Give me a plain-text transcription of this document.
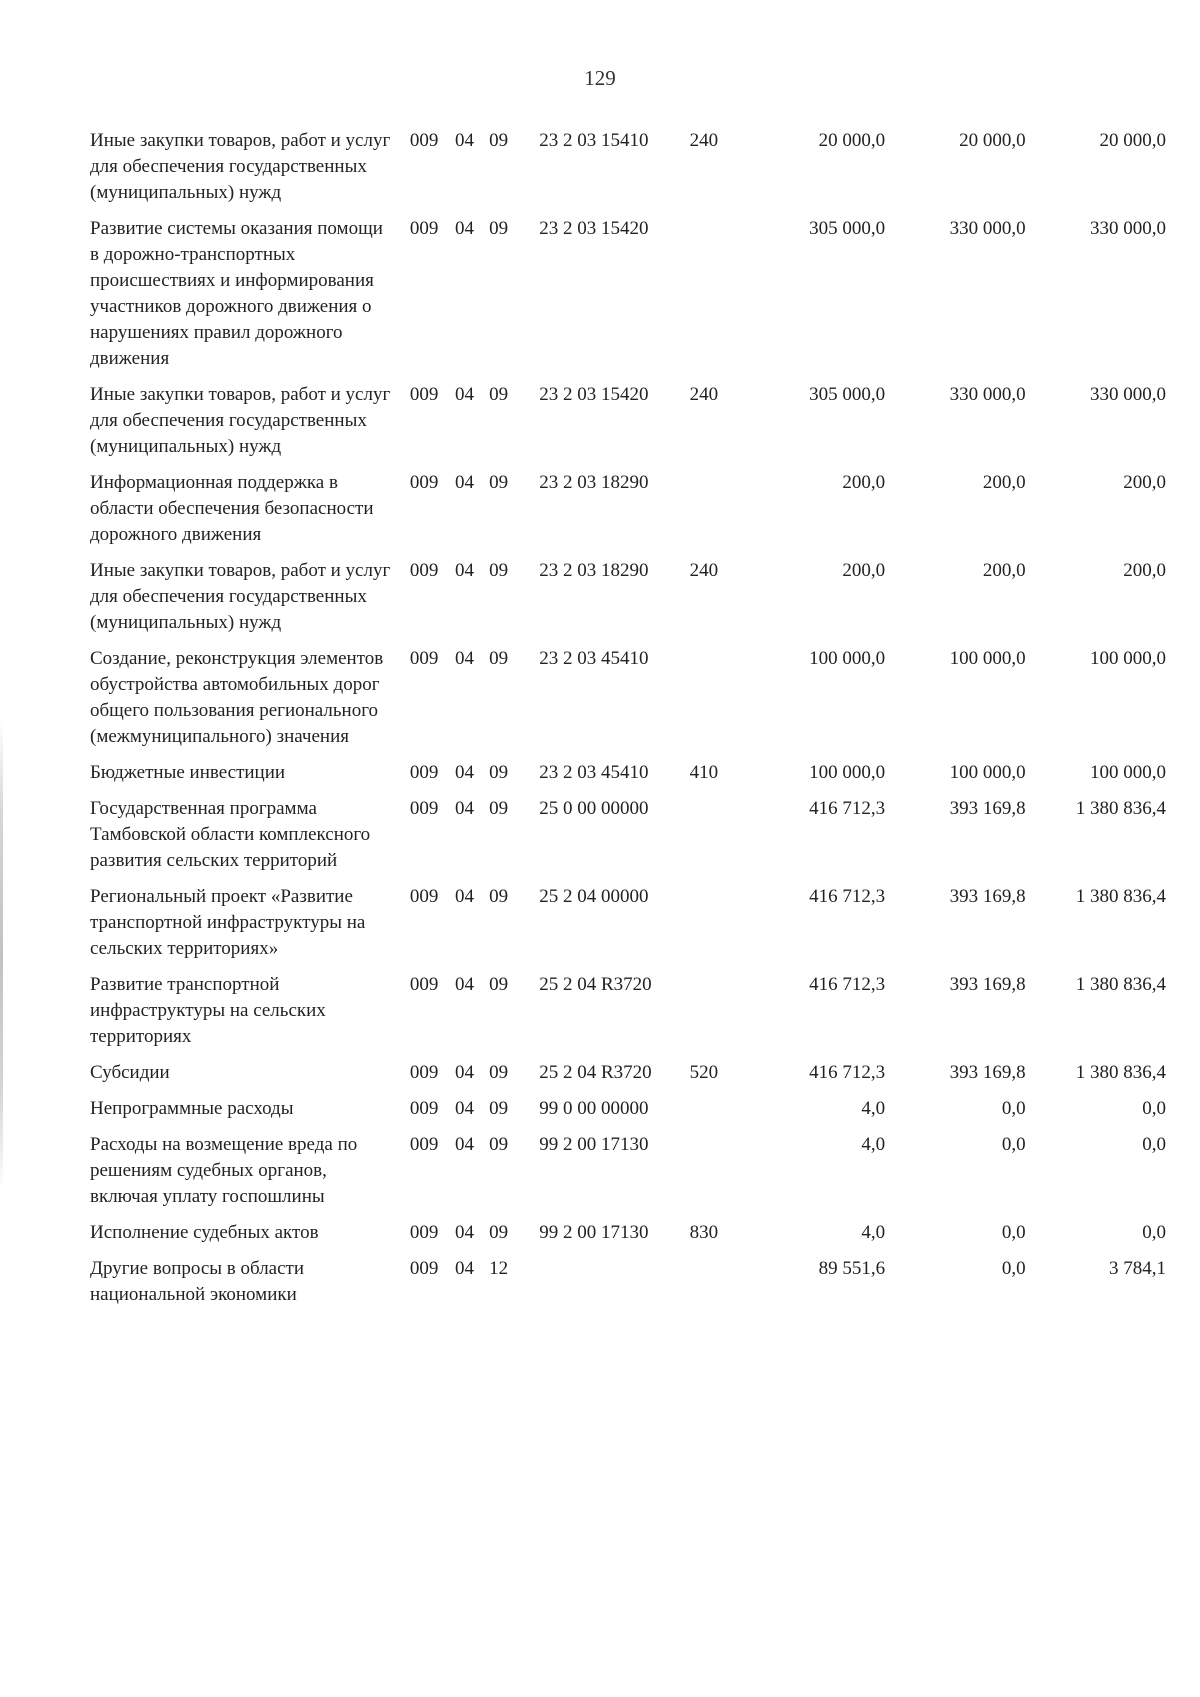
129
Иные закупки товаров, работ и услуг для обеспечения государственных (муниципальных) нужд	009	04	09	23 2 03 15410	240	20 000,0	20 000,0	20 000,0
Развитие системы оказания помощи в дорожно-транспортных происшествиях и информирования участников дорожного движения о нарушениях правил дорожного движения	009	04	09	23 2 03 15420		305 000,0	330 000,0	330 000,0
Иные закупки товаров, работ и услуг для обеспечения государственных (муниципальных) нужд	009	04	09	23 2 03 15420	240	305 000,0	330 000,0	330 000,0
Информационная поддержка в области обеспечения безопасности дорожного движения	009	04	09	23 2 03 18290		200,0	200,0	200,0
Иные закупки товаров, работ и услуг для обеспечения государственных (муниципальных) нужд	009	04	09	23 2 03 18290	240	200,0	200,0	200,0
Создание, реконструкция элементов обустройства автомобильных дорог общего пользования регионального (межмуниципального) значения	009	04	09	23 2 03 45410		100 000,0	100 000,0	100 000,0
Бюджетные инвестиции	009	04	09	23 2 03 45410	410	100 000,0	100 000,0	100 000,0
Государственная программа Тамбовской области комплексного развития сельских территорий	009	04	09	25 0 00 00000		416 712,3	393 169,8	1 380 836,4
Региональный проект «Развитие транспортной инфраструктуры на сельских территориях»	009	04	09	25 2 04 00000		416 712,3	393 169,8	1 380 836,4
Развитие транспортной инфраструктуры на сельских территориях	009	04	09	25 2 04 R3720		416 712,3	393 169,8	1 380 836,4
Субсидии	009	04	09	25 2 04 R3720	520	416 712,3	393 169,8	1 380 836,4
Непрограммные расходы	009	04	09	99 0 00 00000		4,0	0,0	0,0
Расходы на возмещение вреда по решениям судебных органов, включая уплату госпошлины	009	04	09	99 2 00 17130		4,0	0,0	0,0
Исполнение судебных актов	009	04	09	99 2 00 17130	830	4,0	0,0	0,0
Другие вопросы в области национальной экономики	009	04	12			89 551,6	0,0	3 784,1
